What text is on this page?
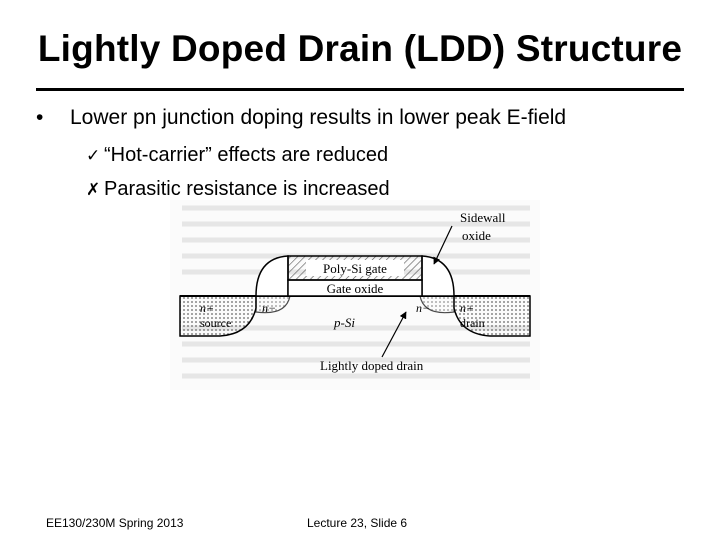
Lightly Doped Drain (LDD) Structure
• Lower pn junction doping results in lower peak E-field
✓ “Hot-carrier” effects are reduced
✗ Parasitic resistance is increased
Poly-Si gate
Gate oxide
Sidewall
oxide
n+
source
n−	n− n+
drain
p-Si
Lightly doped drain
EE130/230M Spring 2013	Lecture 23, Slide 6
